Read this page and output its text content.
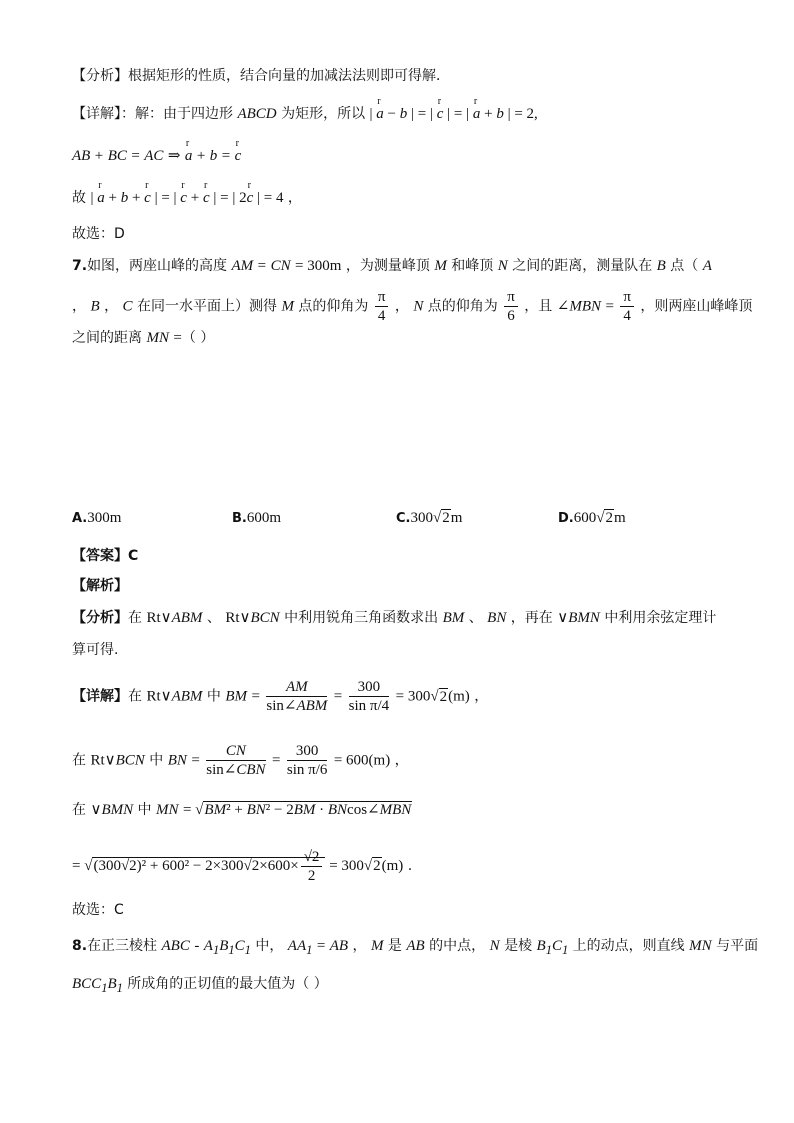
【分析】根据矩形的性质，结合向量的加减法法则即可得解．
【详解】：解：由于四边形 ABCD 为矩形，所以 | r a − b | = | r c | = | r a + b | = 2,
AB + BC = AC ⇒ r a + b = r c
故 | r a + b + r c | = | r c + r c | = | 2r c | = 4 ，
故选：D
7.如图，两座山峰的高度 AM = CN = 300m ，为测量峰顶 M 和峰顶 N 之间的距离，测量队在 B 点（ A
， B ， C 在同一水平面上）测得 M 点的仰角为 $\frac{\pi}{4}$ ， N 点的仰角为 $\frac{\pi}{6}$ ，且 ∠MBN = $\frac{\pi}{4}$ ，则两座山峰峰顶
之间的距离 MN =（ ）
A.300m	B.600m	C.300√2m	D.600√2m
【答案】C
【解析】
【分析】在 Rt∨ABM 、 Rt∨BCN 中利用锐角三角函数求出 BM 、 BN ，再在 ∨BMN 中利用余弦定理计
算可得.
【详解】在 Rt∨ABM 中 BM = $\frac{AM}{\text{sin∠ABM}} = \frac{300}{\text{sin π/4}} = 300√2(m)$ ，
在 Rt∨BCN 中 BN = $\frac{CN}{\text{sin∠CBN}} = \frac{300}{\text{sin π/6}} = 600(m)$ ，
在 ∨BMN 中 MN = √BM² + BN² − 2BM · BNcos∠MBN
= $√(300√2)^2 + 600^2 - 2\times 300√2\times 600\times \frac{√2}{2} = 300√2(m)$ .
故选：C
8.在正三棱柱 ABC - $A_1B_1C_1$ 中， $AA_1$ = AB ， M 是 AB 的中点， N 是棱 $B_1C_1$ 上的动点，则直线 MN 与平面
$BCC_1B_1$ 所成角的正切值的最大值为（ ）
